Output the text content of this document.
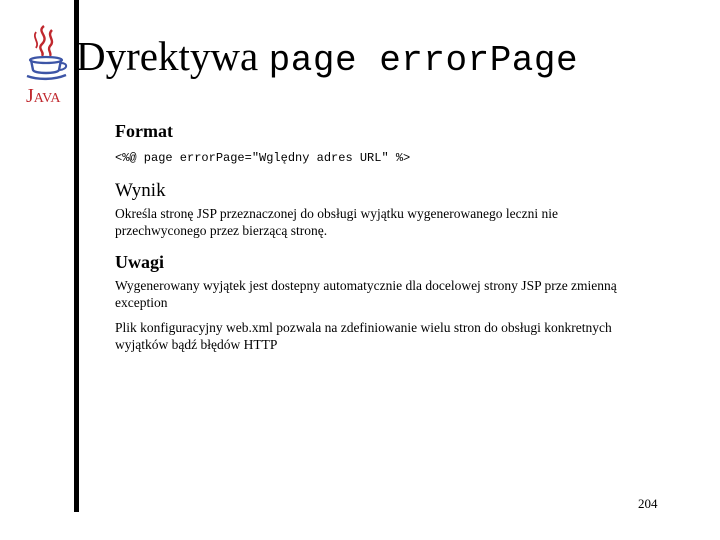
Java
Dyrektywa page errorPage

Format

<%@ page errorPage="Wględny adres URL" %>

Wynik

Określa stronę JSP przeznaczonej do obsługi wyjątku wygenerowanego leczni nie przechwyconego przez bierzącą stronę.

Uwagi

Wygenerowany wyjątek jest dostepny automatycznie dla docelowej strony JSP prze zmienną exception

Plik konfiguracyjny web.xml pozwala na zdefiniowanie wielu stron do obsługi konkretnych wyjątków bądź błędów HTTP

204
